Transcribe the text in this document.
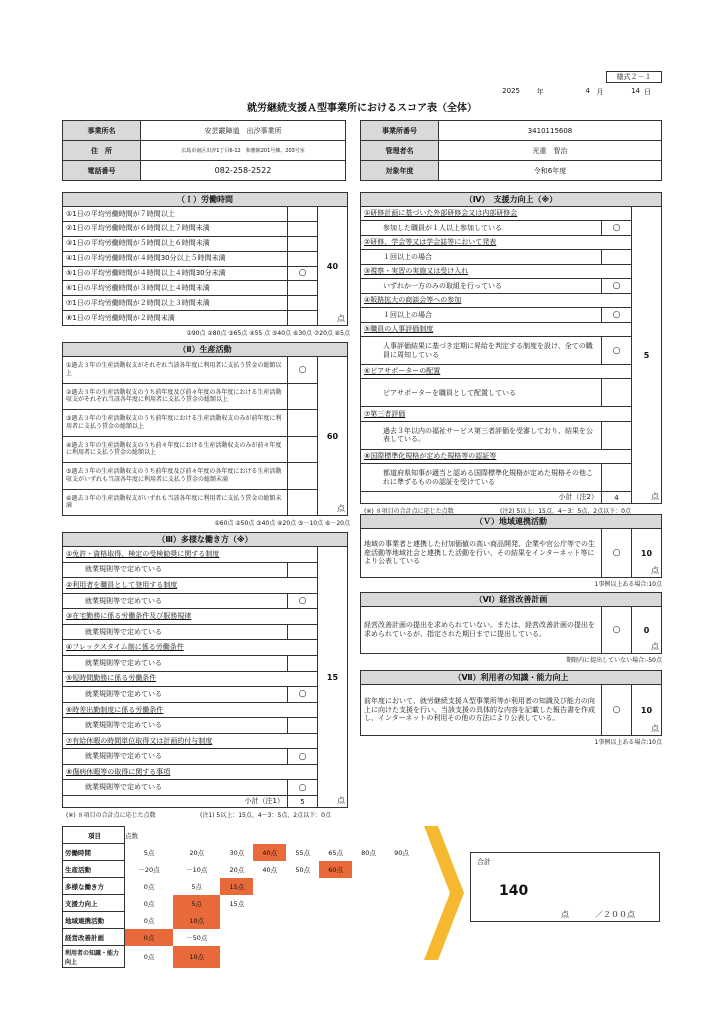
様式２－１
2025	年	4 月	14 日
就労継続支援Ａ型事業所におけるスコア表（全体）
事業所名	安芸霰障道　出汐事業所
住　所	広島市南区出汐1丁目6-12　和雅館201号棟、203号室
電話番号	082-258-2522
事業所番号	3410115608
管理者名	光重　智治
対象年度	令和6年度
（Ｉ）労働時間
①1日の平均労働時間が７時間以上
②1日の平均労働時間が６時間以上７時間未満
③1日の平均労働時間が５時間以上６時間未満
④1日の平均労働時間が４時間30分以上５時間未満
⑤1日の平均労働時間が４時間以上４時間30分未満	○
⑥1日の平均労働時間が３時間以上４時間未満
⑦1日の平均労働時間が２時間以上３時間未満
⑧1日の平均労働時間が２時間未満
40
点
①90点 ②80点 ③65点 ④55 点 ⑤40点 ⑥30点 ⑦20点 ⑧5点
（Ⅱ）生産活動
①過去３年の生産活動収支がそれぞれ当該各年度に利用者に支払う賃金の総額以上	○
②過去３年の生産活動収支のうち前年度及び前々年度の各年度における生産活動収支がそれぞれ当該各年度に利用者に支払う賃金の総額以上
③過去３年の生産活動収支のうち前年度における生産活動収支のみが前年度に利用者に支払う賃金の総額以上
④過去３年の生産活動収支のうち前々年度における生産活動収支のみが前々年度に利用者に支払う賃金の総額以上
⑤過去３年の生産活動収支のうち前年度及び前々年度の各年度における生産活動収支がいずれも当該各年度に利用者に支払う賃金の総額未満
⑥過去３年の生産活動収支がいずれも当該各年度に利用者に支払う賃金の総額未満
60
点
①60点 ②50点 ③40点 ④20点 ⑤－10点 ⑥－20点
（Ⅲ）多様な働き方（※）
①免許・資格取得、検定の受検勧奨に関する制度
就業規則等で定めている
②利用者を職員として登用する制度
就業規則等で定めている	○
③在宅勤務に係る労働条件及び服務規律
就業規則等で定めている
④フレックスタイム制に係る労働条件
就業規則等で定めている
⑤短時間勤務に係る労働条件
就業規則等で定めている	○
⑥時差出勤制度に係る労働条件
就業規則等で定めている
⑦有給休暇の時間単位取得又は計画的付与制度
就業規則等で定めている	○
⑧傷病休暇等の取得に関する事項
就業規則等で定めている	○
小計（注1）	5
15
点
(※) ８項目の合計点に応じた点数	(注1) 5以上：15点、4～3：5点、2点以下：0点
（Ⅳ）　支援力向上（※）
①研修計画に基づいた外部研修会又は内部研修会
参加した職員が１人以上参加している	○
②研修、学会等又は学会誌等において発表
１回以上の場合
③視察・実習の実施又は受け入れ
いずれか一方のみの取組を行っている	○
④販路拡大の商談会等への参加
１回以上の場合	○
⑤職員の人事評価制度
人事評価結果に基づき定期に昇給を判定する制度を設け、全ての職員に周知している	○
⑥ピアサポーターの配置
ピアサポーターを職員として配置している
⑦第三者評価
過去３年以内の福祉サービス第三者評価を受審しており、結果を公表している。
⑧国際標準化規格が定めた規格等の認証等
都道府県知事が適当と認める国際標準化規格が定めた規格その他これに準ずるものの認証を受けている
小計（注2）	4
5
点
(※) ８項目の合計点に応じた点数	(注2) 5以上：15点、4～3：5点、2点以下：0点
（Ｖ）地域連携活動
地域の事業者と連携した付加価値の高い商品開発、企業や官公庁等での生産活動等地域社会と連携した活動を行い、その結果をインターネット等により公表している
○	10
点
1事例以上ある場合:10点
（Ⅵ）経営改善計画
経営改善計画の提出を求められていない。または、経営改善計画の提出を求められているが、指定された期日までに提出している。	○	0
点
期限内に提出していない場合:-50点
（Ⅶ）利用者の知識・能力向上
前年度において、就労継続支援Ａ型事業所等が利用者の知識及び能力の向上に向けた支援を行い、当該支援の具体的な内容を記載した報告書を作成し、インターネットの利用その他の方法により公表している。
○	10
点
1事例以上ある場合:10点
項目	点数							
労働時間	5点	20点	30点	40点	55点	65点	80点	90点
生産活動	－20点	－10点	20点	40点	50点	60点		
多様な働き方	0点	5点	15点					
支援力向上	0点	5点	15点					
地域連携活動	0点	10点						
経営改善計画	0点	－50点						
利用者の知識・能力向上	0点	10点						
合計
140
点	／２００点
